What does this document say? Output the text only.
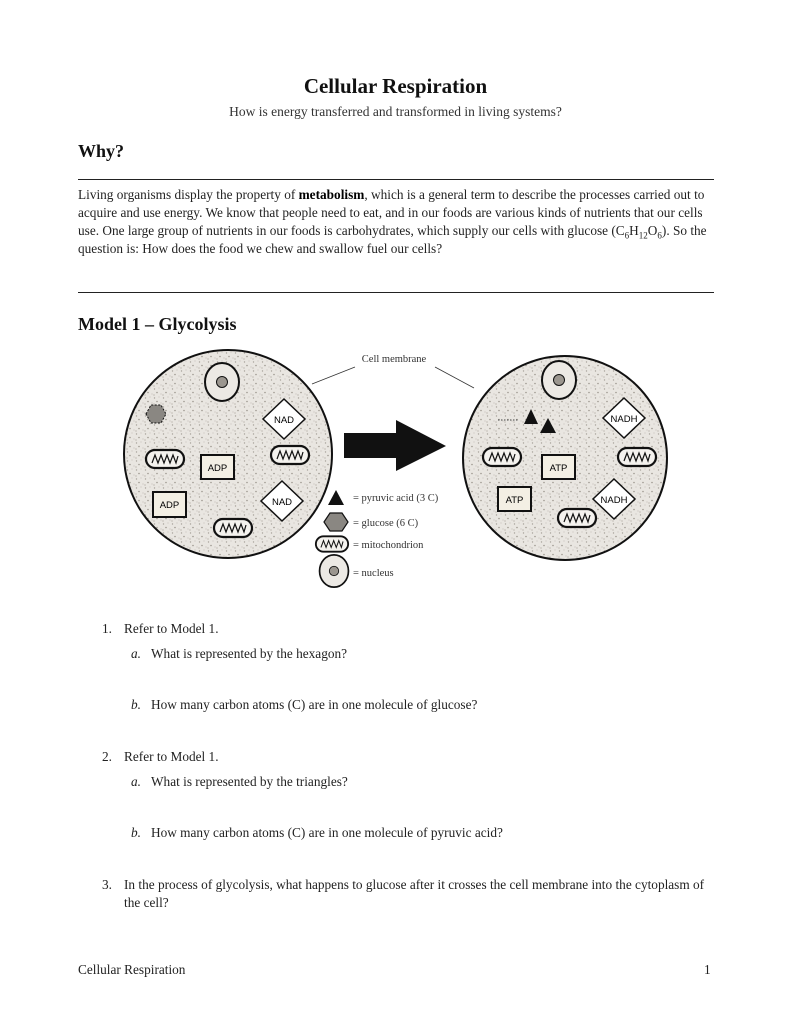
Cellular Respiration

How is energy transferred and transformed in living systems?

Why?

Living organisms display the property of metabolism, which is a general term to describe the processes carried out to acquire and use energy. We know that people need to eat, and in our foods are various kinds of nutrients that our cells use. One large group of nutrients in our foods is carbohydrates, which supply our cells with glucose $(C_6H_{12}O_6)$. So the question is: How does the food we chew and swallow fuel our cells?

Model 1 – Glycolysis
NAD
NAD
ADP
ADP
Cell membrane
NADH
NADH
ATP
ATP
= pyruvic acid (3 C)
= glucose (6 C)
= mitochondrion
= nucleus
1. Refer to Model 1.
a. What is represented by the hexagon?
b. How many carbon atoms (C) are in one molecule of glucose?
2. Refer to Model 1.
a. What is represented by the triangles?
b. How many carbon atoms (C) are in one molecule of pyruvic acid?
3. In the process of glycolysis, what happens to glucose after it crosses the cell membrane into the cytoplasm of the cell?
Cellular Respiration	1
